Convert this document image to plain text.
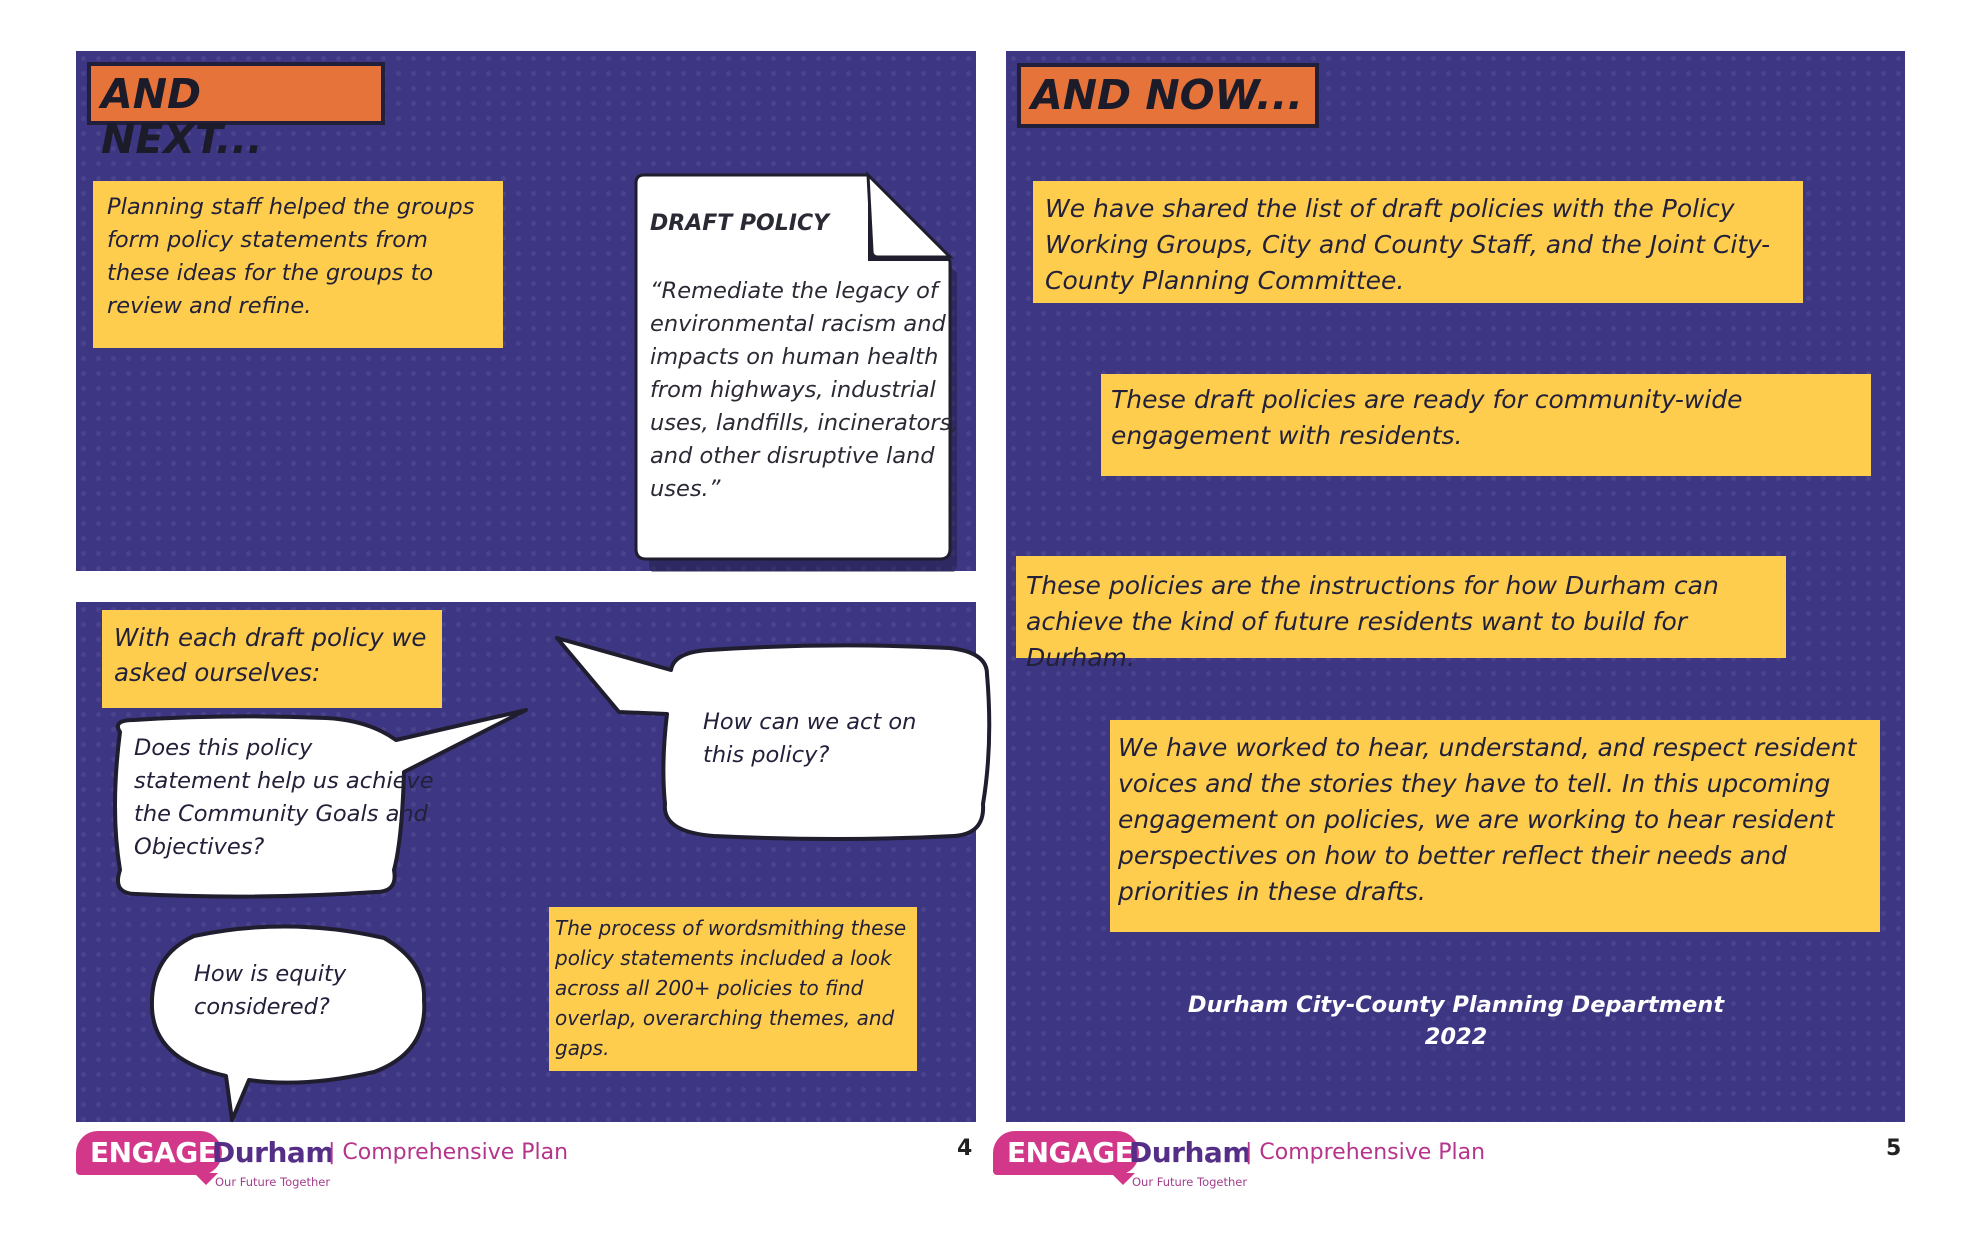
AND NEXT...
Planning staff helped the groups form policy statements from these ideas for the groups to review and refine.
DRAFT POLICY
“Remediate the legacy of environmental racism and impacts on human health from highways, industrial uses, landfills, incinerators, and other disruptive land uses.”
With each draft policy we asked ourselves:
Does this policy statement help us achieve the Community Goals and Objectives?
How can we act on this policy?
How is equity considered?
The process of wordsmithing these policy statements included a look across all 200+ policies to find overlap, overarching themes, and gaps.
AND NOW...
We have shared the list of draft policies with the Policy Working Groups, City and County Staff, and the Joint City-County Planning Committee.
These draft policies are ready for community-wide engagement with residents.
These policies are the instructions for how Durham can achieve the kind of future residents want to build for Durham.
We have worked to hear, understand, and respect resident voices and the stories they have to tell. In this upcoming engagement on policies, we are working to hear resident perspectives on how to better reflect their needs and priorities in these drafts.
Durham City-County Planning Department
2022
ENGAGE
Durham
Our Future Together
| Comprehensive Plan	4	ENGAGE
Durham
Our Future Together
| Comprehensive Plan	5
